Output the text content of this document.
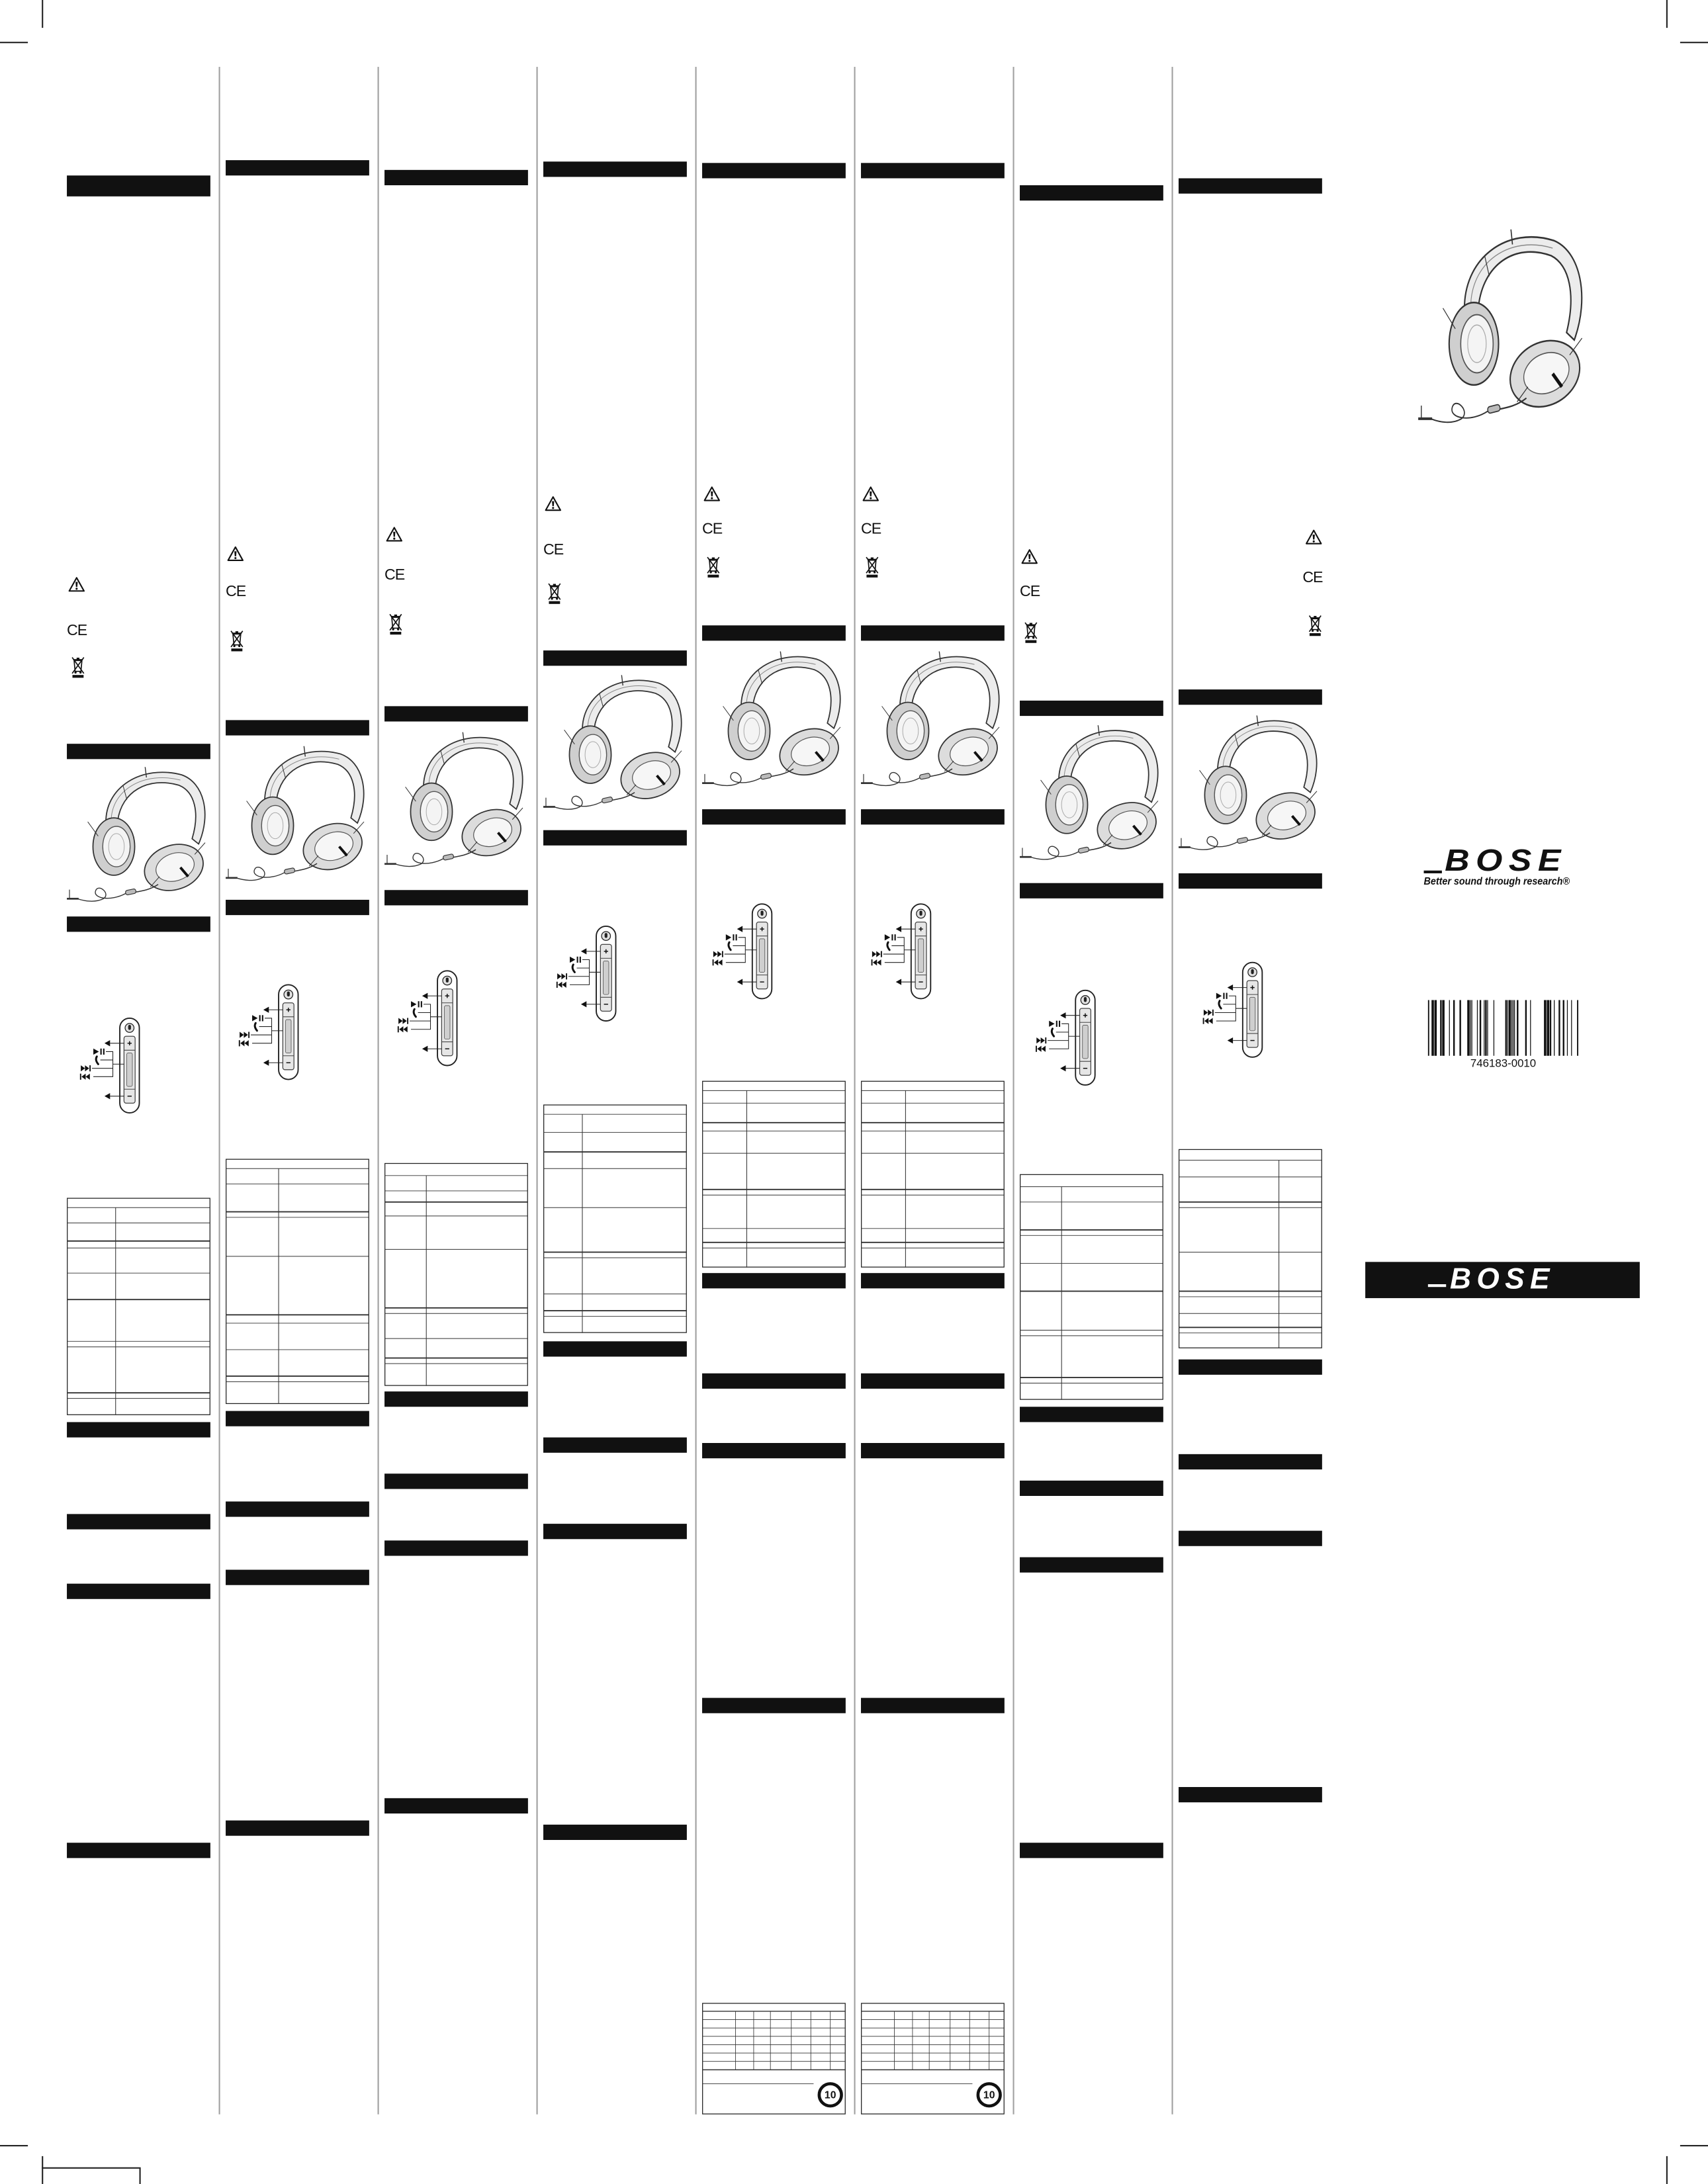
CE
CE
CE
CE
CE
10
CE
10
CE
CE
BOSE
Better sound through research®
746183-0010
BOSE
